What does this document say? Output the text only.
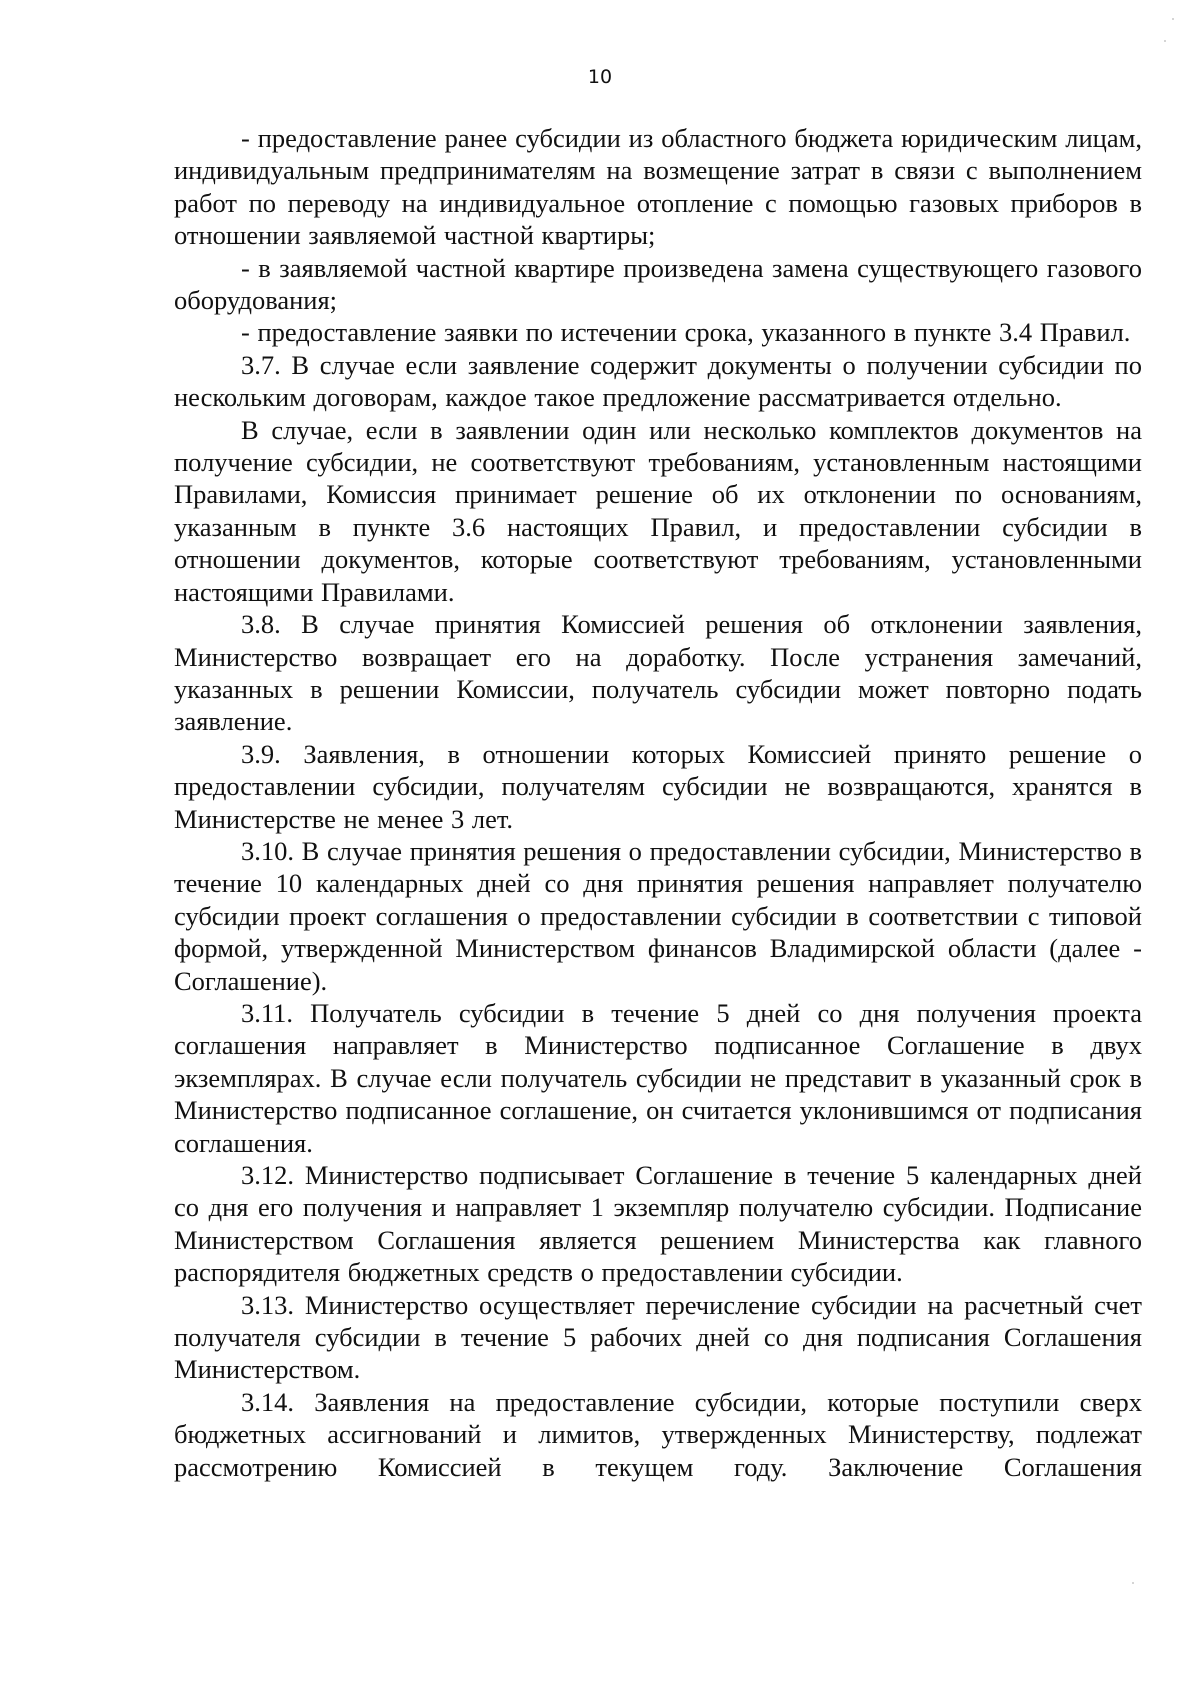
10

- предоставление ранее субсидии из областного бюджета юридическим лицам, индивидуальным предпринимателям на возмещение затрат в связи с выполнением работ по переводу на индивидуальное отопление с помощью газовых приборов в отношении заявляемой частной квартиры;

- в заявляемой частной квартире произведена замена существующего газового оборудования;

- предоставление заявки по истечении срока, указанного в пункте 3.4 Правил.

3.7. В случае если заявление содержит документы о получении субсидии по нескольким договорам, каждое такое предложение рассматривается отдельно.

В случае, если в заявлении один или несколько комплектов документов на получение субсидии, не соответствуют требованиям, установленным настоящими Правилами, Комиссия принимает решение об их отклонении по основаниям, указанным в пункте 3.6 настоящих Правил, и предоставлении субсидии в отношении документов, которые соответствуют требованиям, установленными настоящими Правилами.

3.8. В случае принятия Комиссией решения об отклонении заявления, Министерство возвращает его на доработку. После устранения замечаний, указанных в решении Комиссии, получатель субсидии может повторно подать заявление.

3.9. Заявления, в отношении которых Комиссией принято решение о предоставлении субсидии, получателям субсидии не возвращаются, хранятся в Министерстве не менее 3 лет.

3.10. В случае принятия решения о предоставлении субсидии, Министерство в течение 10 календарных дней со дня принятия решения направляет получателю субсидии проект соглашения о предоставлении субсидии в соответствии с типовой формой, утвержденной Министерством финансов Владимирской области (далее - Соглашение).

3.11. Получатель субсидии в течение 5 дней со дня получения проекта соглашения направляет в Министерство подписанное Соглашение в двух экземплярах. В случае если получатель субсидии не представит в указанный срок в Министерство подписанное соглашение, он считается уклонившимся от подписания соглашения.

3.12. Министерство подписывает Соглашение в течение 5 календарных дней со дня его получения и направляет 1 экземпляр получателю субсидии. Подписание Министерством Соглашения является решением Министерства как главного распорядителя бюджетных средств о предоставлении субсидии.

3.13. Министерство осуществляет перечисление субсидии на расчетный счет получателя субсидии в течение 5 рабочих дней со дня подписания Соглашения Министерством.

3.14. Заявления на предоставление субсидии, которые поступили сверх бюджетных ассигнований и лимитов, утвержденных Министерству, подлежат рассмотрению Комиссией в текущем году. Заключение Соглашения
